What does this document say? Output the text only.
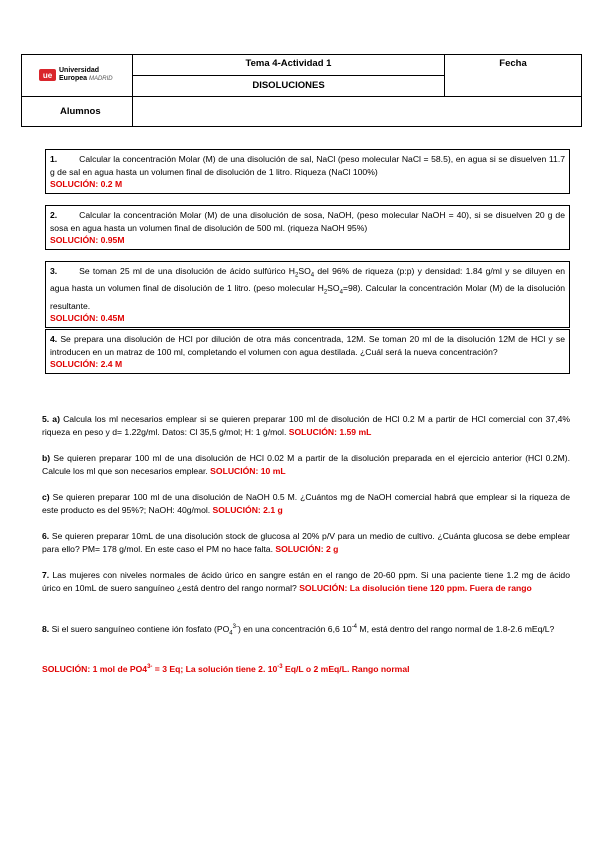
ue Universidad
Europea MADRID	Tema 4-Actividad 1	Fecha
	DISOLUCIONES	
Alumnos		
1.	Calcular la concentración Molar (M) de una disolución de sal, NaCl (peso molecular NaCl = 58.5), en agua si se disuelven 11.7 g de sal en agua hasta un volumen final de disolución de 1 litro. Riqueza (NaCl 100%)
SOLUCIÓN: 0.2 M
2.	Calcular la concentración Molar (M) de una disolución de sosa, NaOH, (peso molecular NaOH = 40), si se disuelven 20 g de sosa en agua hasta un volumen final de disolución de 500 ml. (riqueza NaOH 95%)
SOLUCIÓN: 0.95M
3.	Se toman 25 ml de una disolución de ácido sulfúrico $H_2SO_4$ del 96% de riqueza (p:p) y densidad: 1.84 g/ml y se diluyen en agua hasta un volumen final de disolución de 1 litro. (peso molecular $H_2SO_4=98$). Calcular la concentración Molar (M) de la disolución resultante.
SOLUCIÓN: 0.45M
4. Se prepara una disolución de HCl por dilución de otra más concentrada, 12M. Se toman 20 ml de la disolución 12M de HCl y se introducen en un matraz de 100 ml, completando el volumen con agua destilada. ¿Cuál será la nueva concentración?
SOLUCIÓN: 2.4 M
5. a) Calcula los ml necesarios emplear si se quieren preparar 100 ml de disolución de HCl 0.2 M a partir de HCl comercial con 37,4% riqueza en peso y d= 1.22g/ml. Datos: Cl 35,5 g/mol; H: 1 g/mol. SOLUCIÓN: 1.59 mL
b) Se quieren preparar 100 ml de una disolución de HCl 0.02 M a partir de la disolución preparada en el ejercicio anterior (HCl 0.2M). Calcule los ml que son necesarios emplear. SOLUCIÓN: 10 mL
c) Se quieren preparar 100 ml de una disolución de NaOH 0.5 M. ¿Cuántos mg de NaOH comercial habrá que emplear si la riqueza de este producto es del 95%?; NaOH: 40g/mol. SOLUCIÓN: 2.1 g
6. Se quieren preparar 10mL de una disolución stock de glucosa al 20% p/V para un medio de cultivo. ¿Cuánta glucosa se debe emplear para ello? PM= 178 g/mol. En este caso el PM no hace falta. SOLUCIÓN: 2 g
7. Las mujeres con niveles normales de ácido úrico en sangre están en el rango de 20-60 ppm. Si una paciente tiene 1.2 mg de ácido úrico en 10mL de suero sanguíneo ¿está dentro del rango normal? SOLUCIÓN: La disolución tiene 120 ppm. Fuera de rango
8. Si el suero sanguíneo contiene ión fosfato $(PO_4^{3-})$ en una concentración 6,6 $10^{-4}$ M, está dentro del rango normal de 1.8-2.6 mEq/L?
SOLUCIÓN: 1 mol de $PO4^{3-} = 3$ Eq; La solución tiene 2. $10^{-3}$ Eq/L o 2 mEq/L. Rango normal
